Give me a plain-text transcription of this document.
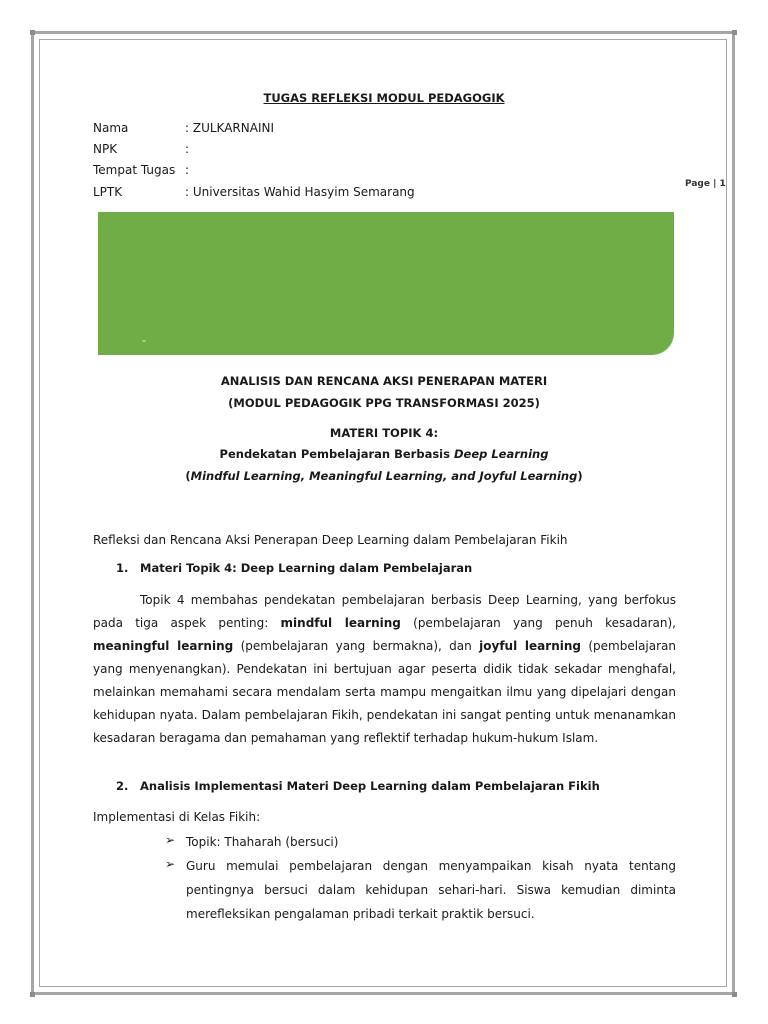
Page | 1
TUGAS REFLEKSI MODUL PEDAGOGIK
Nama	: ZULKARNAINI
NPK	:
Tempat Tugas :
LPTK	: Universitas Wahid Hasyim Semarang
-
ANALISIS DAN RENCANA AKSI PENERAPAN MATERI
(MODUL PEDAGOGIK PPG TRANSFORMASI 2025)
MATERI TOPIK 4:
Pendekatan Pembelajaran Berbasis Deep Learning
(Mindful Learning, Meaningful Learning, and Joyful Learning)
Refleksi dan Rencana Aksi Penerapan Deep Learning dalam Pembelajaran Fikih
1. Materi Topik 4: Deep Learning dalam Pembelajaran
Topik 4 membahas pendekatan pembelajaran berbasis Deep Learning, yang berfokus pada tiga aspek penting: mindful learning (pembelajaran yang penuh kesadaran), meaningful learning (pembelajaran yang bermakna), dan joyful learning (pembelajaran yang menyenangkan). Pendekatan ini bertujuan agar peserta didik tidak sekadar menghafal, melainkan memahami secara mendalam serta mampu mengaitkan ilmu yang dipelajari dengan kehidupan nyata. Dalam pembelajaran Fikih, pendekatan ini sangat penting untuk menanamkan kesadaran beragama dan pemahaman yang reflektif terhadap hukum-hukum Islam.
2. Analisis Implementasi Materi Deep Learning dalam Pembelajaran Fikih
Implementasi di Kelas Fikih:
➢ Topik: Thaharah (bersuci)
➢ Guru memulai pembelajaran dengan menyampaikan kisah nyata tentang pentingnya bersuci dalam kehidupan sehari-hari. Siswa kemudian diminta merefleksikan pengalaman pribadi terkait praktik bersuci.
